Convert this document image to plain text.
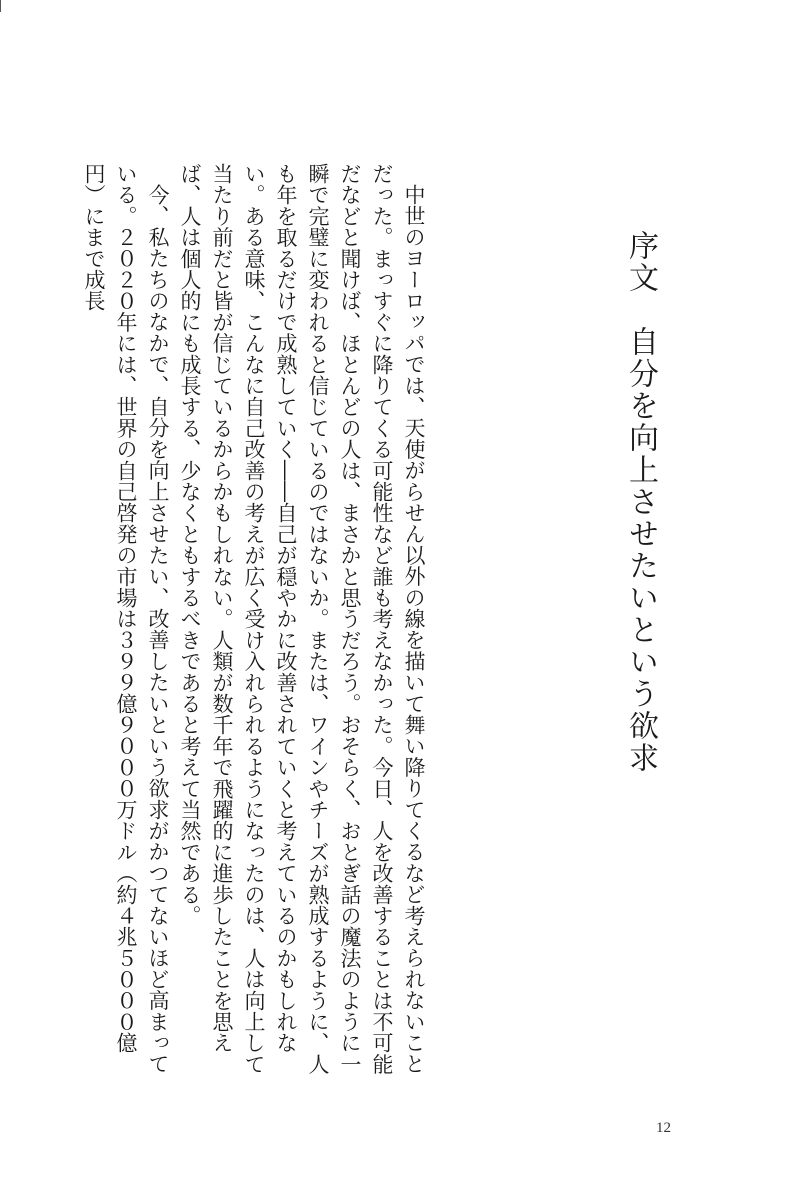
序文　自分を向上させたいという欲求

中世のヨーロッパでは、天使がらせん以外の線を描いて舞い降りてくるなど考えられないことだった。まっすぐに降りてくる可能性など誰も考えなかった。今日、人を改善することは不可能だなどと聞けば、ほとんどの人は、まさかと思うだろう。おそらく、おとぎ話の魔法のように一瞬で完璧に変われると信じているのではないか。または、ワインやチーズが熟成するように、人も年を取るだけで成熟していく――自己が穏やかに改善されていくと考えているのかもしれない。ある意味、こんなに自己改善の考えが広く受け入れられるようになったのは、人は向上して当たり前だと皆が信じているからかもしれない。人類が数千年で飛躍的に進歩したことを思えば、人は個人的にも成長する、少なくともするべきであると考えて当然である。

今、私たちのなかで、自分を向上させたい、改善したいという欲求がかつてないほど高まっている。２０２０年には、世界の自己啓発の市場は３９９億９０００万ドル（約４兆５０００億円）にまで成長

12
